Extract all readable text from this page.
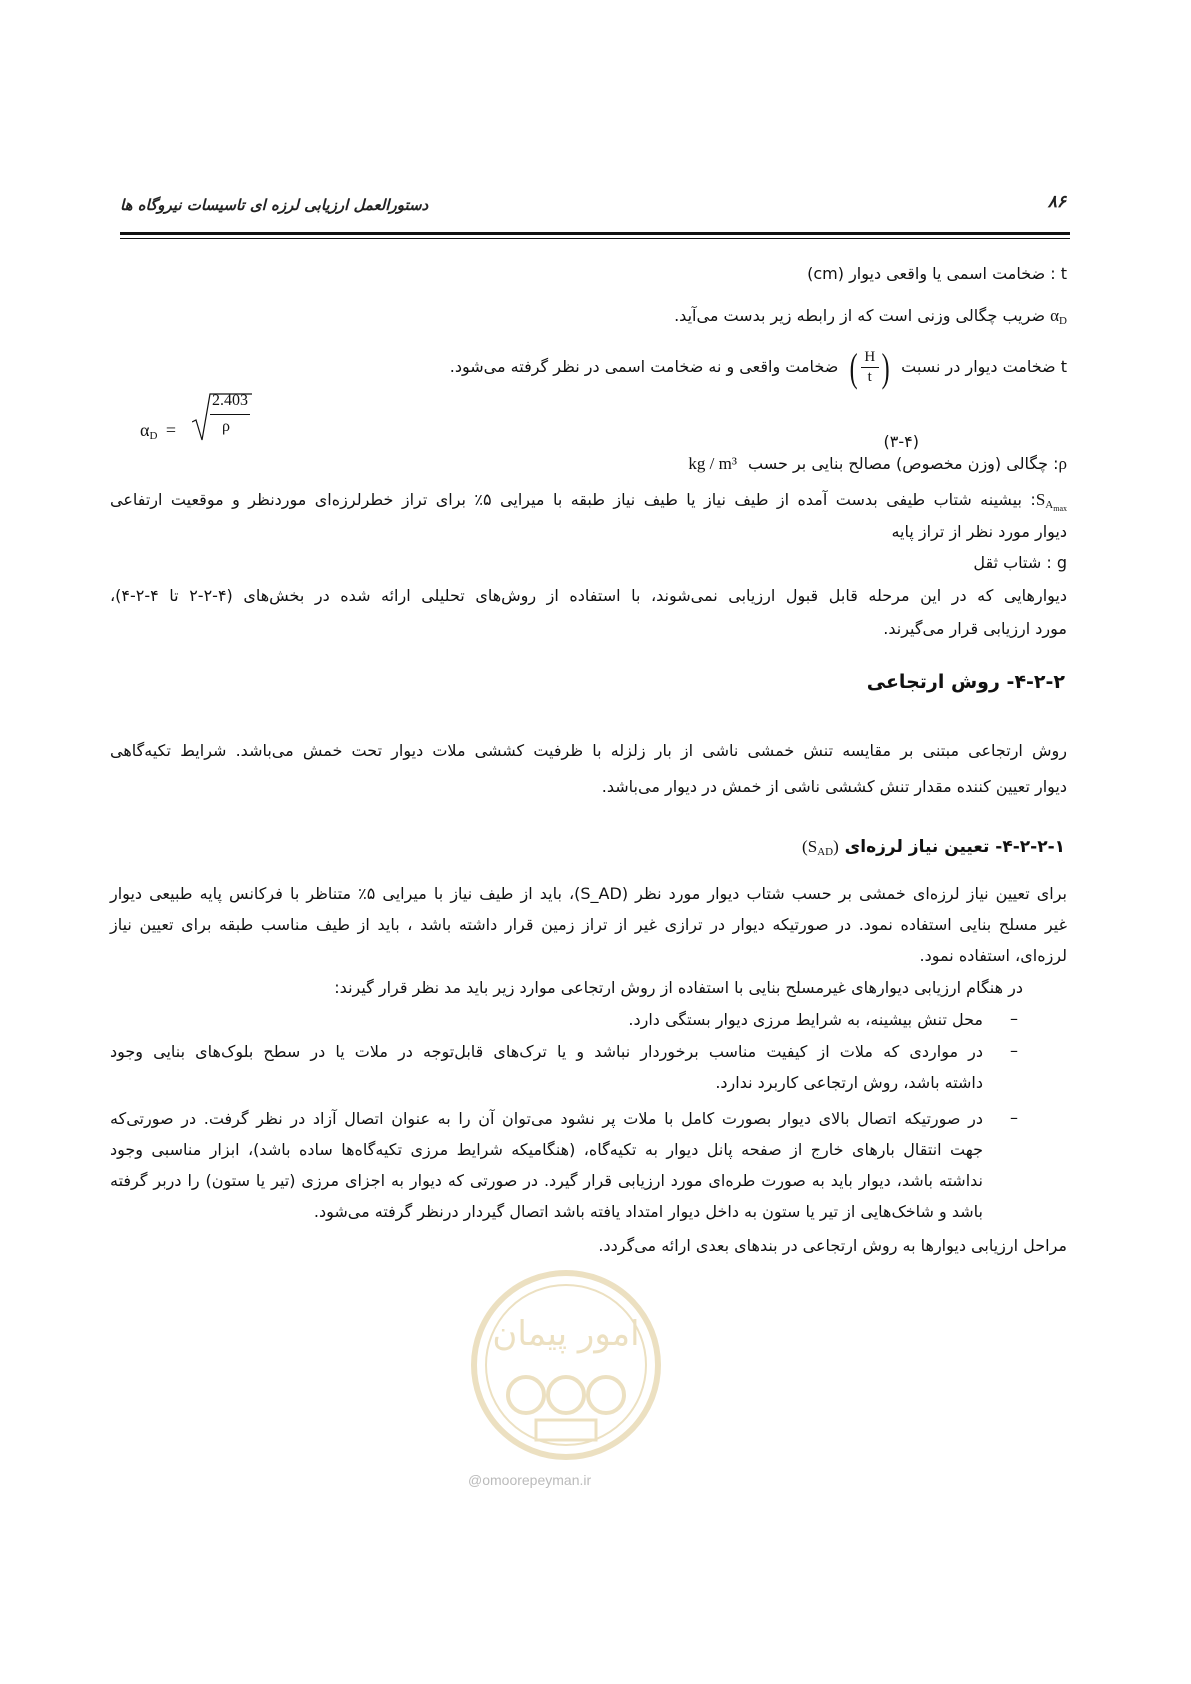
دستورالعمل ارزیابی لرزه ای تاسیسات نیروگاه ها	۸۶
t : ضخامت اسمی یا واقعی دیوار (cm)
$\alpha_D$ ضریب چگالی وزنی است که از رابطه زیر بدست می‌آید.
t ضخامت دیوار در نسبت
( H
t )
ضخامت واقعی و نه ضخامت اسمی در نظر گرفته می‌شود.
$\alpha_D$ =
2.403
ρ
(۳-۴)
ρ: چگالی (وزن مخصوص) مصالح بنایی بر حسب kg / m³
$S_{Amax}$: بیشینه شتاب طیفی بدست آمده از طیف نیاز یا طیف نیاز طبقه با میرایی ۵٪ برای تراز خطرلرزه‌ای موردنظر و موقعیت ارتفاعی
دیوار مورد نظر از تراز پایه
g : شتاب ثقل
دیوارهایی که در این مرحله قابل قبول ارزیابی نمی‌شوند، با استفاده از روش‌های تحلیلی ارائه شده در بخش‌های (۴-۲-۲ تا ۴-۲-۴)،
مورد ارزیابی قرار می‌گیرند.
۴-۲-۲- روش ارتجاعی
روش ارتجاعی مبتنی بر مقایسه تنش خمشی ناشی از بار زلزله با ظرفیت کششی ملات دیوار تحت خمش می‌باشد. شرایط تکیه‌گاهی
دیوار تعیین کننده مقدار تنش کششی ناشی از خمش در دیوار می‌باشد.
۴-۲-۲-۱- تعیین نیاز لرزه‌ای $(S_{AD})$
برای تعیین نیاز لرزه‌ای خمشی بر حسب شتاب دیوار مورد نظر (S_AD)، باید از طیف نیاز با میرایی ۵٪ متناظر با فرکانس پایه طبیعی دیوار
غیر مسلح بنایی استفاده نمود. در صورتیکه دیوار در ترازی غیر از تراز زمین قرار داشته باشد ، باید از طیف مناسب طبقه برای تعیین نیاز
لرزه‌ای، استفاده نمود.
در هنگام ارزیابی دیوارهای غیرمسلح بنایی با استفاده از روش ارتجاعی موارد زیر باید مد نظر قرار گیرند:
–
محل تنش بیشینه، به شرایط مرزی دیوار بستگی دارد.
–
در مواردی که ملات از کیفیت مناسب برخوردار نباشد و یا ترک‌های قابل‌توجه در ملات یا در سطح بلوک‌های بنایی وجود
داشته باشد، روش ارتجاعی کاربرد ندارد.
–
در صورتیکه اتصال بالای دیوار بصورت کامل با ملات پر نشود می‌توان آن را به عنوان اتصال آزاد در نظر گرفت. در صورتی‌که
جهت انتقال بارهای خارج از صفحه پانل دیوار به تکیه‌گاه، (هنگامیکه شرایط مرزی تکیه‌گاه‌ها ساده باشد)، ابزار مناسبی وجود
نداشته باشد، دیوار باید به صورت طره‌ای مورد ارزیابی قرار گیرد. در صورتی که دیوار به اجزای مرزی (تیر یا ستون) را دربر گرفته
باشد و شاخک‌هایی از تیر یا ستون به داخل دیوار امتداد یافته باشد اتصال گیردار درنظر گرفته می‌شود.
مراحل ارزیابی دیوارها به روش ارتجاعی در بندهای بعدی ارائه می‌گردد.
امور پیمان
@omoorepeyman.ir
